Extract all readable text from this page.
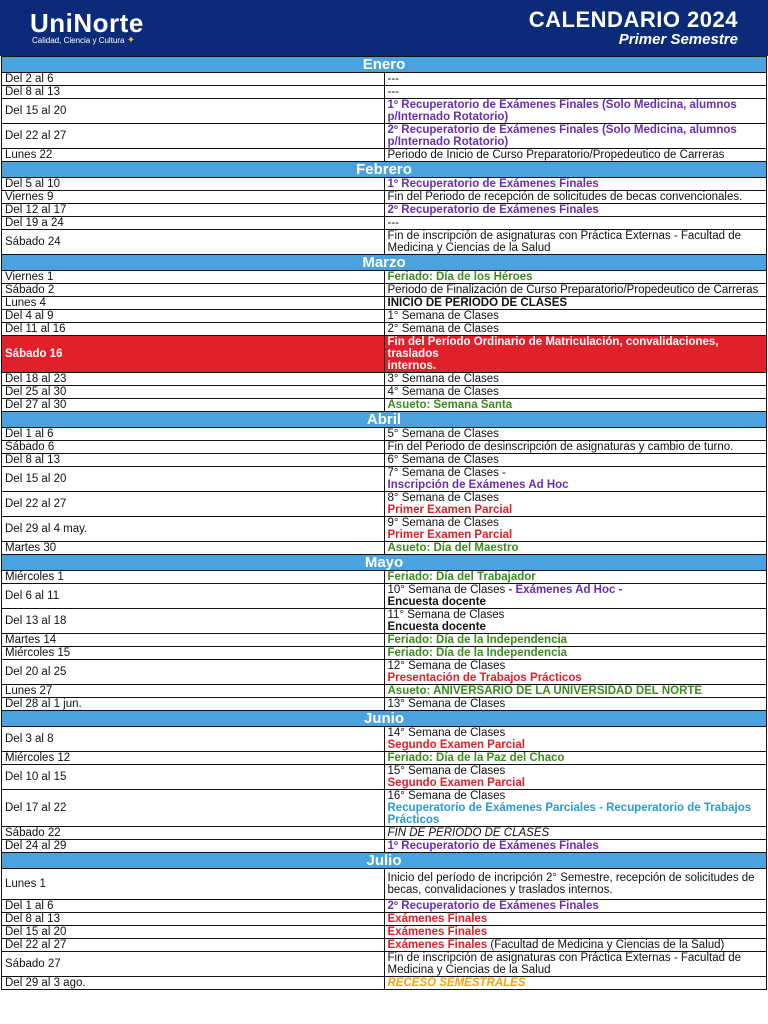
UniNorte
Calidad, Ciencia y Cultura ✦
CALENDARIO 2024
Primer Semestre
Enero	
Del 2 al 6	---

Del 8 al 13	---

Del 15 al 20	1º Recuperatorio de Exámenes Finales (Solo Medicina, alumnos
p/Internado Rotatorio)

Del 22 al 27	2º Recuperatorio de Exámenes Finales (Solo Medicina, alumnos
p/Internado Rotatorio)

Lunes 22	Periodo de Inicio de Curso Preparatorio/Propedeutico de Carreras

Febrero	
Del 5 al 10	1º Recuperatorio de Exámenes Finales

Viernes 9	Fin del Periodo de recepción de solicitudes de becas convencionales.

Del 12 al 17	2º Recuperatorio de Exámenes Finales

Del 19 a 24	---

Sábado 24	Fin de inscripción de asignaturas con Práctica Externas - Facultad de
Medicina y Ciencias de la Salud

Marzo	
Viernes 1	Feriado: Día de los Héroes

Sábado 2	Periodo de Finalización de Curso Preparatorio/Propedeutico de Carreras

Lunes 4	INICIO DE PERÍODO DE CLASES

Del 4 al 9	1° Semana de Clases

Del 11 al 16	2° Semana de Clases

Sábado 16	Fin del Período Ordinario de Matriculación, convalidaciones, traslados
internos.

Del 18 al 23	3° Semana de Clases

Del 25 al 30	4° Semana de Clases

Del 27 al 30	Asueto: Semana Santa

Abril	
Del 1 al 6	5° Semana de Clases

Sábado 6	Fin del Periodo de desinscripción de asignaturas y cambio de turno.

Del 8 al 13	6° Semana de Clases

Del 15 al 20	7° Semana de Clases -
Inscripción de Exámenes Ad Hoc

Del 22 al 27	8° Semana de Clases
Primer Examen Parcial

Del 29 al 4 may.	9° Semana de Clases
Primer Examen Parcial

Martes 30	Asueto: Día del Maestro

Mayo	
Miércoles 1	Feriado: Día del Trabajador

Del 6 al 11	10° Semana de Clases - Exámenes Ad Hoc -
Encuesta docente

Del 13 al 18	11° Semana de Clases
Encuesta docente

Martes 14	Feriado: Día de la Independencia

Miércoles 15	Feriado: Día de la Independencia

Del 20 al 25	12° Semana de Clases
Presentación de Trabajos Prácticos

Lunes 27	Asueto: ANIVERSARIO DE LA UNIVERSIDAD DEL NORTE

Del 28 al 1 jun.	13° Semana de Clases

Junio	
Del 3 al 8	14° Semana de Clases
Segundo Examen Parcial

Miércoles 12	Feriado: Día de la Paz del Chaco

Del 10 al 15	15° Semana de Clases
Segundo Examen Parcial

Del 17 al 22	16° Semana de Clases
Recuperatorio de Exámenes Parciales - Recuperatorio de Trabajos
Prácticos

Sábado 22	FIN DE PERIODO DE CLASES

Del 24 al 29	1º Recuperatorio de Exámenes Finales

Julio	
Lunes 1	Inicio del período de incripción 2° Semestre, recepción de solicitudes de
becas, convalidaciones y traslados internos.

Del 1 al 6	2º Recuperatorio de Exámenes Finales

Del 8 al 13	Exámenes Finales

Del 15 al 20	Exámenes Finales

Del 22 al 27	Exámenes Finales (Facultad de Medicina y Ciencias de la Salud)

Sábado 27	Fin de inscripción de asignaturas con Práctica Externas - Facultad de
Medicina y Ciencias de la Salud

Del 29 al 3 ago.	RECESO SEMESTRALES
